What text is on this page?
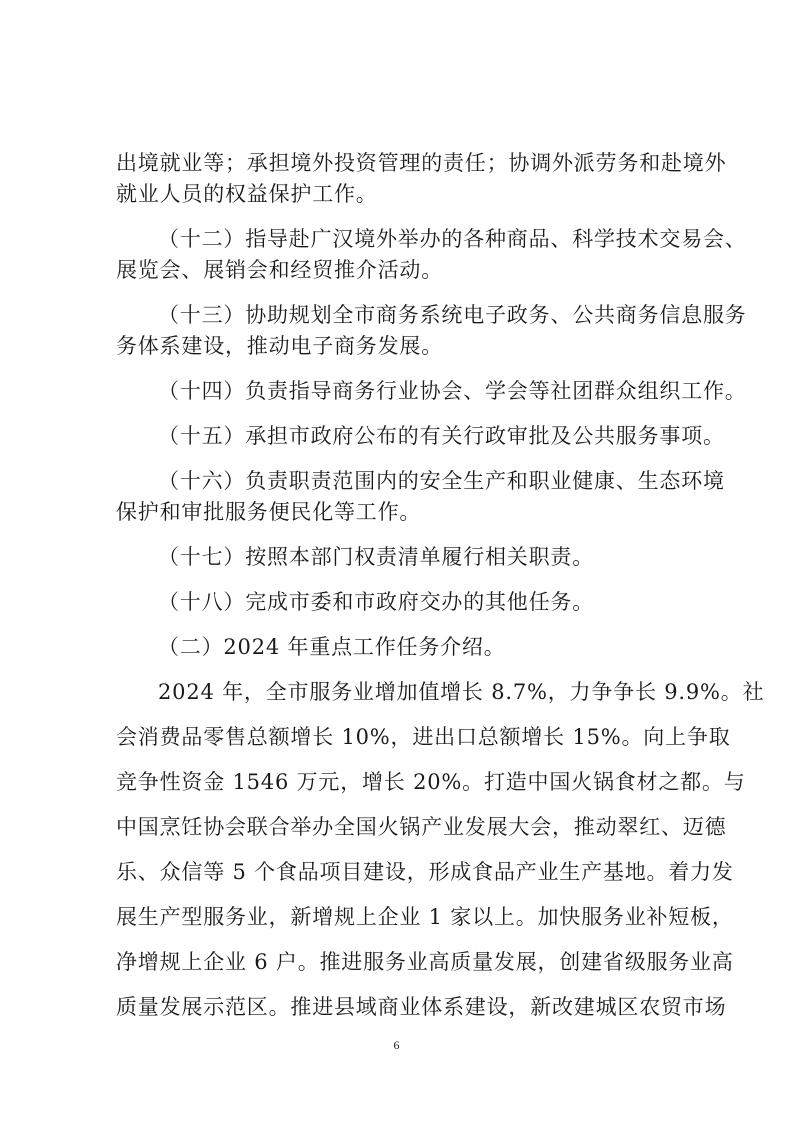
出境就业等；承担境外投资管理的责任；协调外派劳务和赴境外
就业人员的权益保护工作。
（十二）指导赴广汉境外举办的各种商品、科学技术交易会、
展览会、展销会和经贸推介活动。
（十三）协助规划全市商务系统电子政务、公共商务信息服务
务体系建设，推动电子商务发展。
（十四）负责指导商务行业协会、学会等社团群众组织工作。
（十五）承担市政府公布的有关行政审批及公共服务事项。
（十六）负责职责范围内的安全生产和职业健康、生态环境
保护和审批服务便民化等工作。
（十七）按照本部门权责清单履行相关职责。
（十八）完成市委和市政府交办的其他任务。
（二）2024 年重点工作任务介绍。
2024 年，全市服务业增加值增长 8.7%，力争争长 9.9%。社
会消费品零售总额增长 10%，进出口总额增长 15%。向上争取
竞争性资金 1546 万元，增长 20%。打造中国火锅食材之都。与
中国烹饪协会联合举办全国火锅产业发展大会，推动翠红、迈德
乐、众信等 5 个食品项目建设，形成食品产业生产基地。着力发
展生产型服务业，新增规上企业 1 家以上。加快服务业补短板，
净增规上企业 6 户。推进服务业高质量发展，创建省级服务业高
质量发展示范区。推进县域商业体系建设，新改建城区农贸市场
6
